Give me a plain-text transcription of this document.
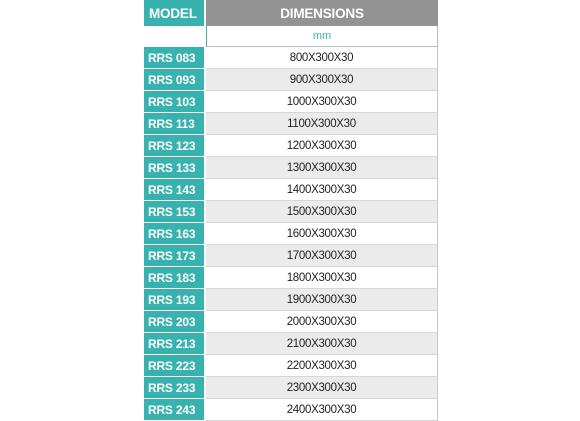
MODEL	DIMENSIONS
	mm
RRS 083	800X300X30
RRS 093	900X300X30
RRS 103	1000X300X30
RRS 113	1100X300X30
RRS 123	1200X300X30
RRS 133	1300X300X30
RRS 143	1400X300X30
RRS 153	1500X300X30
RRS 163	1600X300X30
RRS 173	1700X300X30
RRS 183	1800X300X30
RRS 193	1900X300X30
RRS 203	2000X300X30
RRS 213	2100X300X30
RRS 223	2200X300X30
RRS 233	2300X300X30
RRS 243	2400X300X30
